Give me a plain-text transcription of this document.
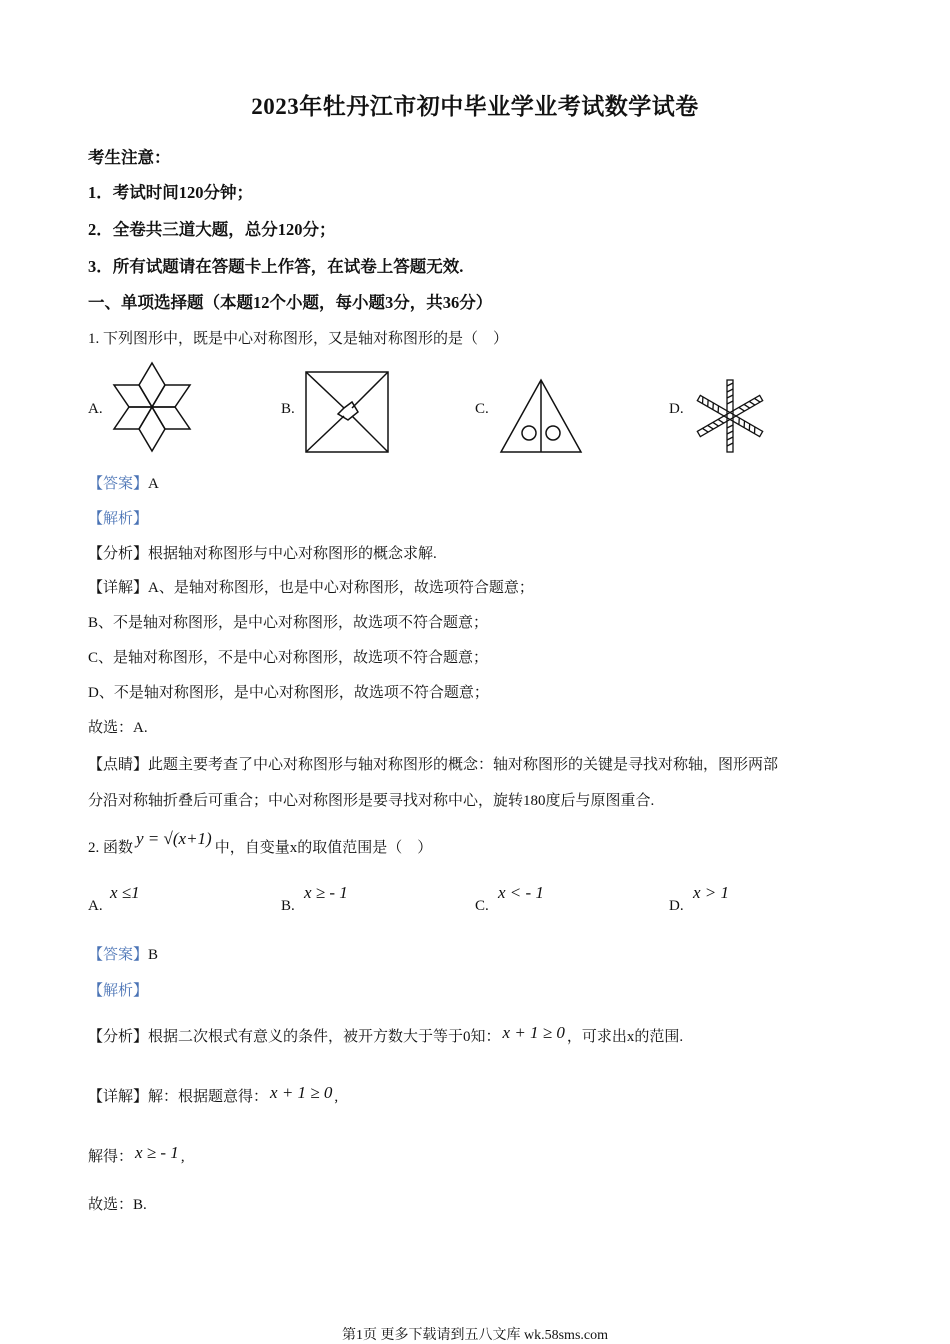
2023年牡丹江市初中毕业学业考试数学试卷
考生注意：
1．考试时间120分钟；
2．全卷共三道大题，总分120分；
3．所有试题请在答题卡上作答，在试卷上答题无效.
一、单项选择题（本题12个小题，每小题3分，共36分）
1. 下列图形中，既是中心对称图形，又是轴对称图形的是（　）
A.	B.	C.	D.
【答案】A
【解析】
【分析】根据轴对称图形与中心对称图形的概念求解.
【详解】A、是轴对称图形，也是中心对称图形，故选项符合题意；
B、不是轴对称图形，是中心对称图形，故选项不符合题意；
C、是轴对称图形，不是中心对称图形，故选项不符合题意；
D、不是轴对称图形，是中心对称图形，故选项不符合题意；
故选：A.
【点睛】此题主要考查了中心对称图形与轴对称图形的概念：轴对称图形的关键是寻找对称轴，图形两部
分沿对称轴折叠后可重合；中心对称图形是要寻找对称中心，旋转180度后与原图重合.
2. 函数 y = √(x+1) 中，自变量x的取值范围是（　）
A.
x ≤1
B.
x ≥ - 1
C.
x < - 1
D.
x > 1
【答案】B
【解析】
【分析】根据二次根式有意义的条件，被开方数大于等于0知： x + 1 ≥ 0 ，可求出x的范围.
【详解】解：根据题意得： x + 1 ≥ 0 ,
解得： x ≥ - 1 ,
故选：B.
第1页 更多下载请到五八文库 wk.58sms.com
